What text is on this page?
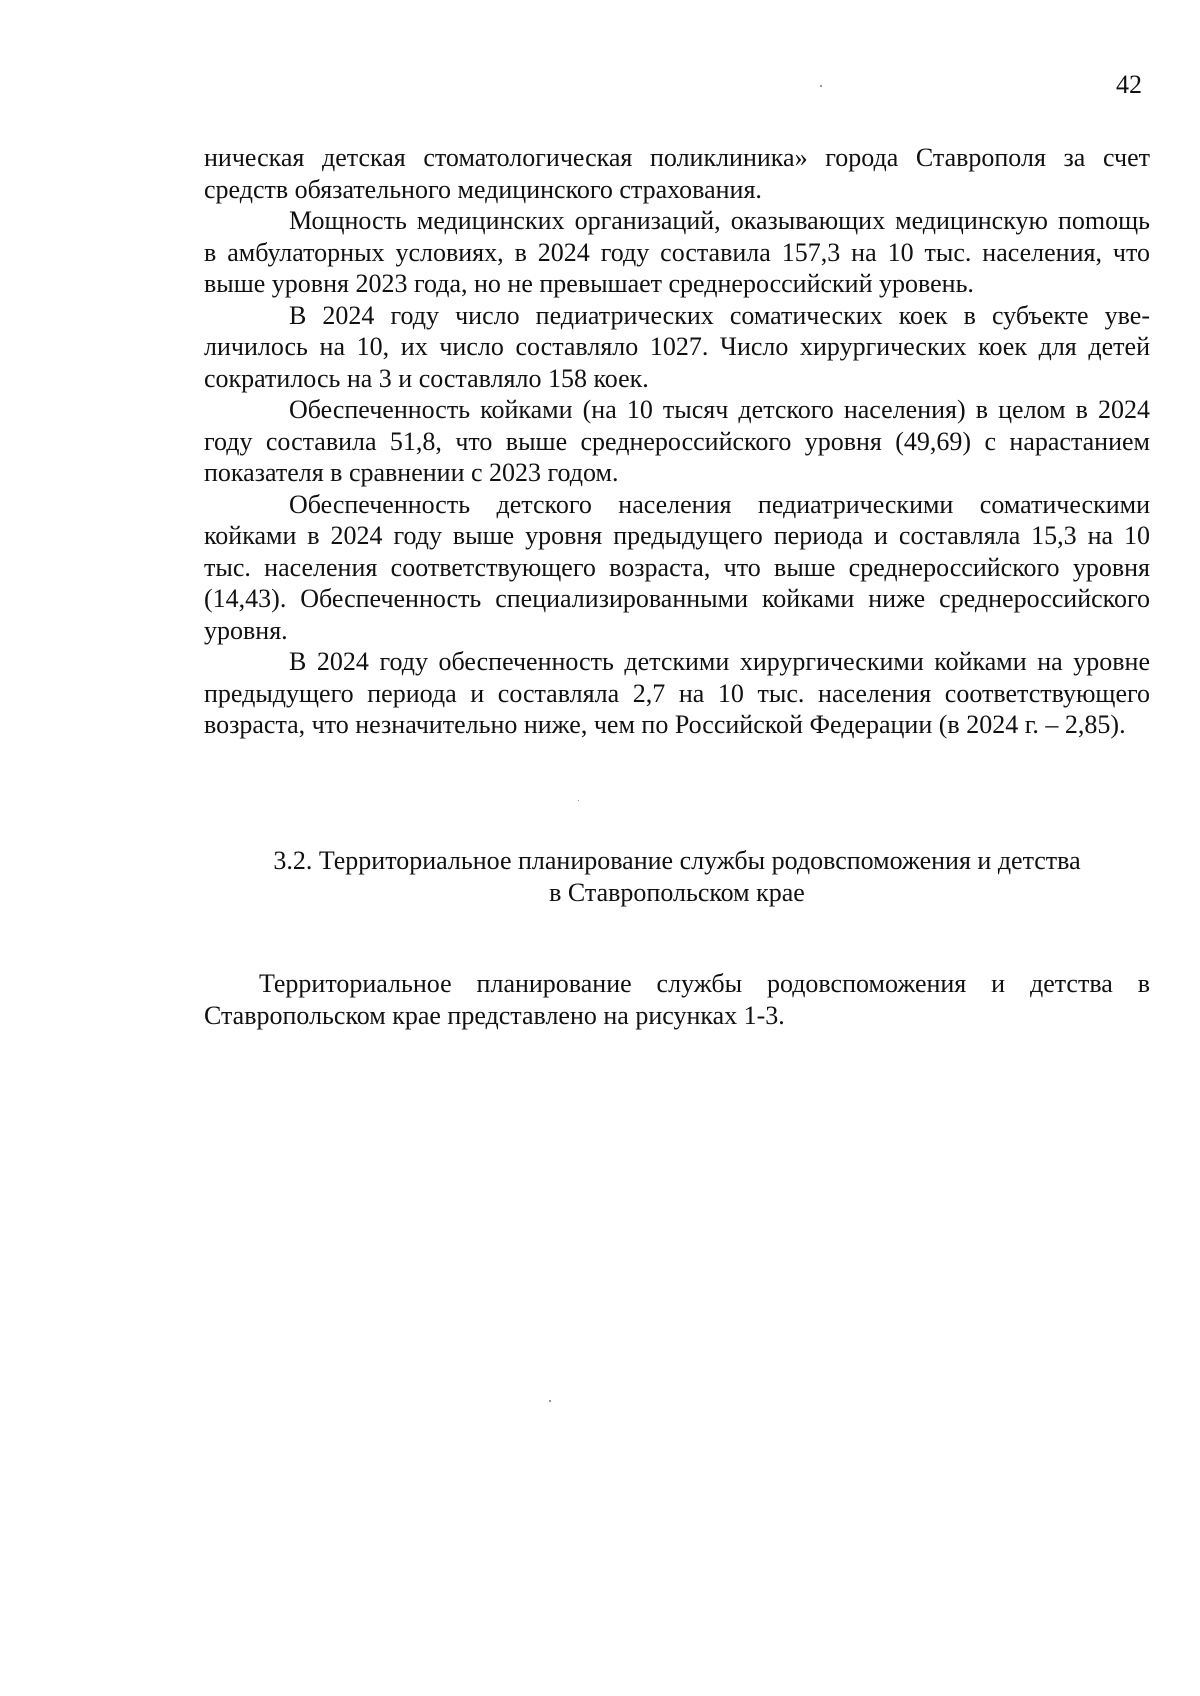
42

ническая детская стоматологическая поликлиника» города Ставрополя за счет средств обязательного медицинского страхования.

Мощность медицинских организаций, оказывающих медицинскую поmощь в амбулаторных условиях, в 2024 году составила 157,3 на 10 тыс. населения, что выше уровня 2023 года, но не превышает среднероссийский уровень.

В 2024 году число педиатрических соматических коек в субъекте увеличилось на 10, их число составляло 1027. Число хирургических коек для детей сократилось на 3 и составляло 158 коек.

Обеспеченность койками (на 10 тысяч детского населения) в целом в 2024 году составила 51,8, что выше среднероссийского уровня (49,69) с нарастанием показателя в сравнении с 2023 годом.

Обеспеченность детского населения педиатрическими соматическими койками в 2024 году выше уровня предыдущего периода и составляла 15,3 на 10 тыс. населения соответствующего возраста, что выше среднероссийского уровня (14,43). Обеспеченность специализированными койками ниже среднероссийского уровня.

В 2024 году обеспеченность детскими хирургическими койками на уровне предыдущего периода и составляла 2,7 на 10 тыс. населения соответствующего возраста, что незначительно ниже, чем по Российской Федерации (в 2024 г. – 2,85).

3.2. Территориальное планирование службы родовспоможения и детства
в Ставропольском крае

Территориальное планирование службы родовспоможения и детства в Ставропольском крае представлено на рисунках 1-3.
